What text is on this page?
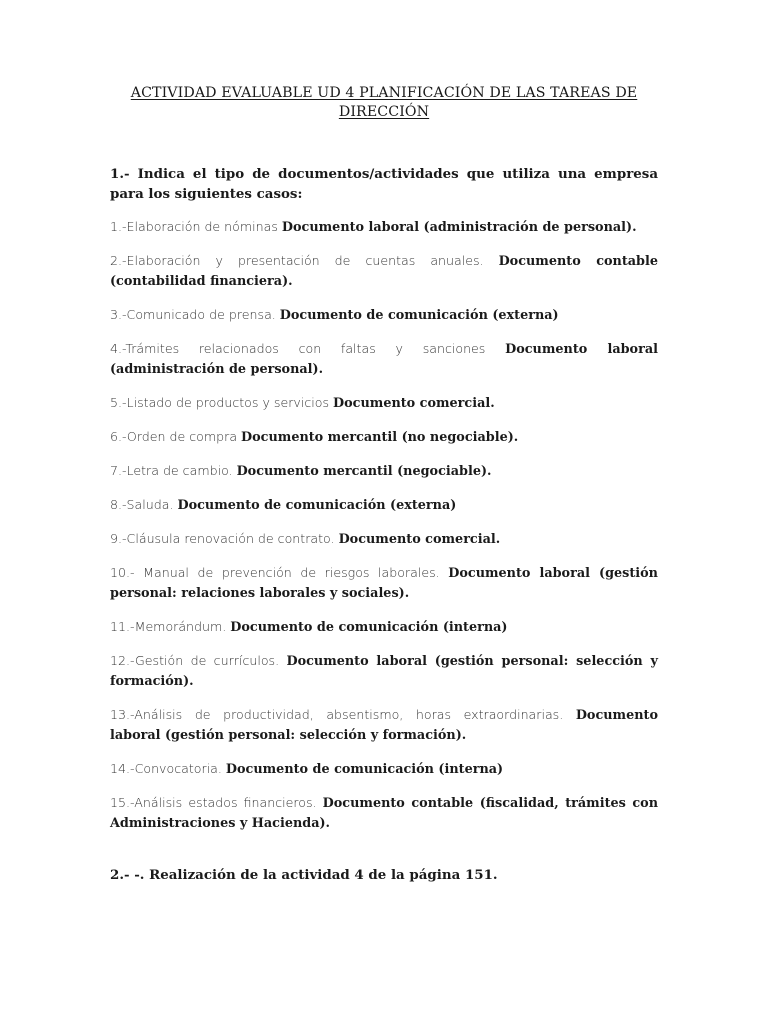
ACTIVIDAD EVALUABLE UD 4 PLANIFICACIÓN DE LAS TAREAS DE DIRECCIÓN

1.- Indica el tipo de documentos/actividades que utiliza una empresa para los siguientes casos:

1.-Elaboración de nóminas Documento laboral (administración de personal).

2.-Elaboración y presentación de cuentas anuales. Documento contable (contabilidad financiera).

3.-Comunicado de prensa. Documento de comunicación (externa)

4.-Trámites relacionados con faltas y sanciones Documento laboral (administración de personal).

5.-Listado de productos y servicios Documento comercial.

6.-Orden de compra Documento mercantil (no negociable).

7.-Letra de cambio. Documento mercantil (negociable).

8.-Saluda. Documento de comunicación (externa)

9.-Cláusula renovación de contrato. Documento comercial.

10.- Manual de prevención de riesgos laborales. Documento laboral (gestión personal: relaciones laborales y sociales).

11.-Memorándum. Documento de comunicación (interna)

12.-Gestión de currículos. Documento laboral (gestión personal: selección y formación).

13.-Análisis de productividad, absentismo, horas extraordinarias. Documento laboral (gestión personal: selección y formación).

14.-Convocatoria. Documento de comunicación (interna)

15.-Análisis estados financieros. Documento contable (fiscalidad, trámites con Administraciones y Hacienda).

2.- -. Realización de la actividad 4 de la página 151.
